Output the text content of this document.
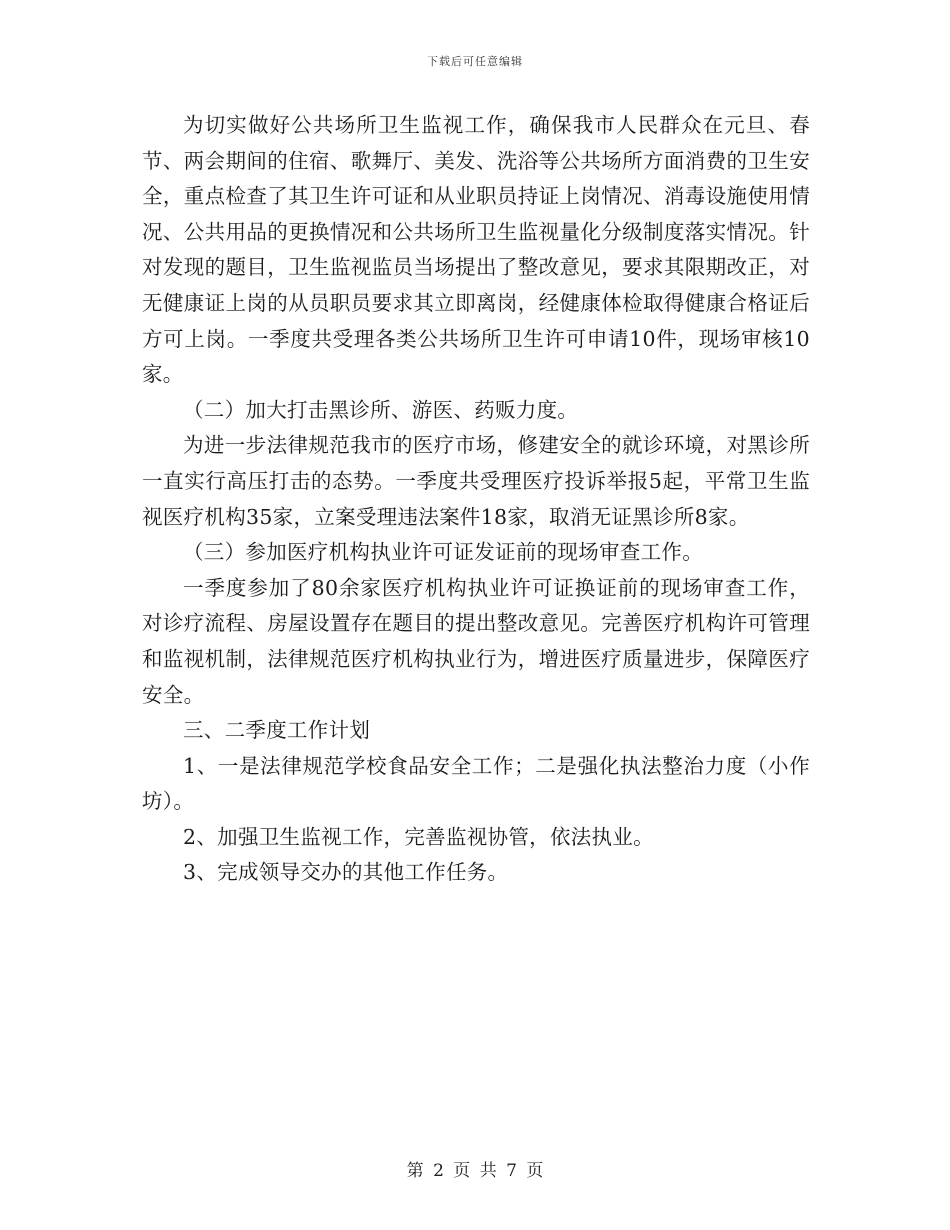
下载后可任意编辑

为切实做好公共场所卫生监视工作，确保我市人民群众在元旦、春节、两会期间的住宿、歌舞厅、美发、洗浴等公共场所方面消费的卫生安全，重点检查了其卫生许可证和从业职员持证上岗情况、消毒设施使用情况、公共用品的更换情况和公共场所卫生监视量化分级制度落实情况。针对发现的题目，卫生监视监员当场提出了整改意见，要求其限期改正，对无健康证上岗的从员职员要求其立即离岗，经健康体检取得健康合格证后方可上岗。一季度共受理各类公共场所卫生许可申请10件，现场审核10家。

（二）加大打击黑诊所、游医、药贩力度。

为进一步法律规范我市的医疗市场，修建安全的就诊环境，对黑诊所一直实行高压打击的态势。一季度共受理医疗投诉举报5起，平常卫生监视医疗机构35家，立案受理违法案件18家，取消无证黑诊所8家。

（三）参加医疗机构执业许可证发证前的现场审查工作。

一季度参加了80余家医疗机构执业许可证换证前的现场审查工作，对诊疗流程、房屋设置存在题目的提出整改意见。完善医疗机构许可管理和监视机制，法律规范医疗机构执业行为，增进医疗质量进步，保障医疗安全。

三、二季度工作计划

1、一是法律规范学校食品安全工作；二是强化执法整治力度（小作坊）。

2、加强卫生监视工作，完善监视协管，依法执业。

3、完成领导交办的其他工作任务。

第 2 页 共 7 页
